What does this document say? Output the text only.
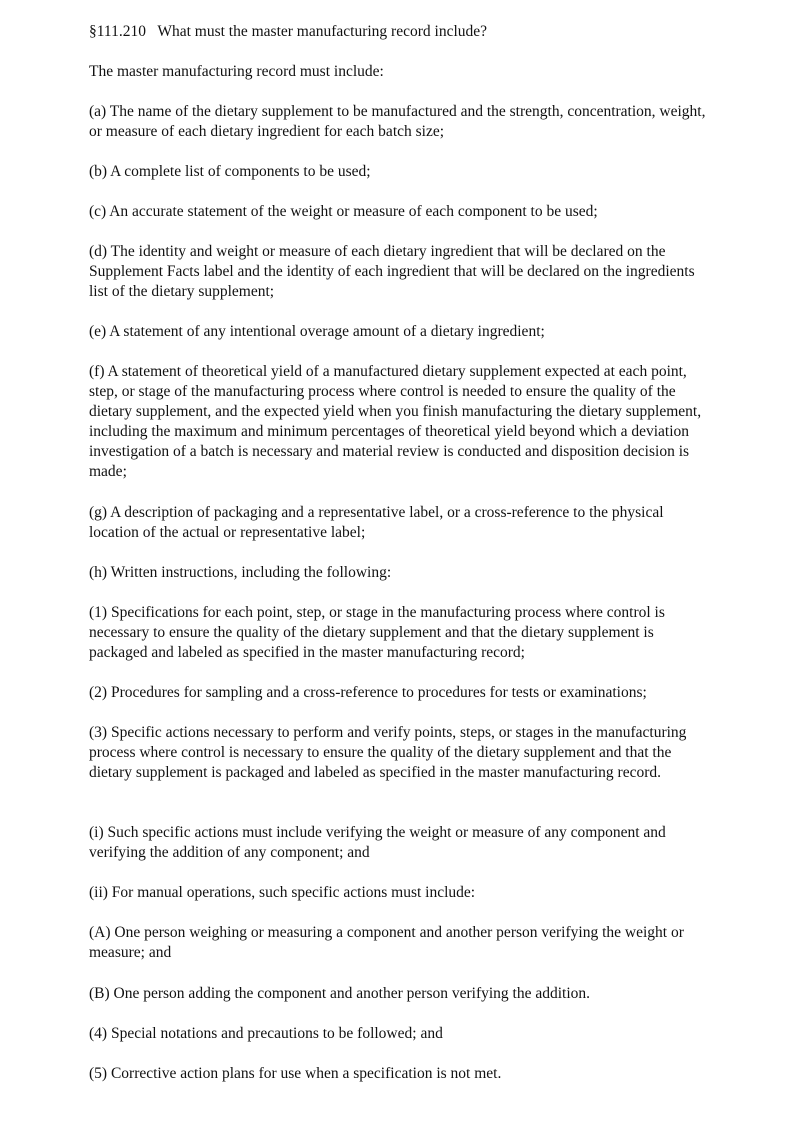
§111.210 What must the master manufacturing record include?

The master manufacturing record must include:

(a) The name of the dietary supplement to be manufactured and the strength, concentration, weight, or measure of each dietary ingredient for each batch size;

(b) A complete list of components to be used;

(c) An accurate statement of the weight or measure of each component to be used;

(d) The identity and weight or measure of each dietary ingredient that will be declared on the Supplement Facts label and the identity of each ingredient that will be declared on the ingredients list of the dietary supplement;

(e) A statement of any intentional overage amount of a dietary ingredient;

(f) A statement of theoretical yield of a manufactured dietary supplement expected at each point, step, or stage of the manufacturing process where control is needed to ensure the quality of the dietary supplement, and the expected yield when you finish manufacturing the dietary supplement, including the maximum and minimum percentages of theoretical yield beyond which a deviation investigation of a batch is necessary and material review is conducted and disposition decision is made;

(g) A description of packaging and a representative label, or a cross-reference to the physical location of the actual or representative label;

(h) Written instructions, including the following:

(1) Specifications for each point, step, or stage in the manufacturing process where control is necessary to ensure the quality of the dietary supplement and that the dietary supplement is packaged and labeled as specified in the master manufacturing record;

(2) Procedures for sampling and a cross-reference to procedures for tests or examinations;

(3) Specific actions necessary to perform and verify points, steps, or stages in the manufacturing process where control is necessary to ensure the quality of the dietary supplement and that the dietary supplement is packaged and labeled as specified in the master manufacturing record.

(i) Such specific actions must include verifying the weight or measure of any component and verifying the addition of any component; and

(ii) For manual operations, such specific actions must include:

(A) One person weighing or measuring a component and another person verifying the weight or measure; and

(B) One person adding the component and another person verifying the addition.

(4) Special notations and precautions to be followed; and

(5) Corrective action plans for use when a specification is not met.
